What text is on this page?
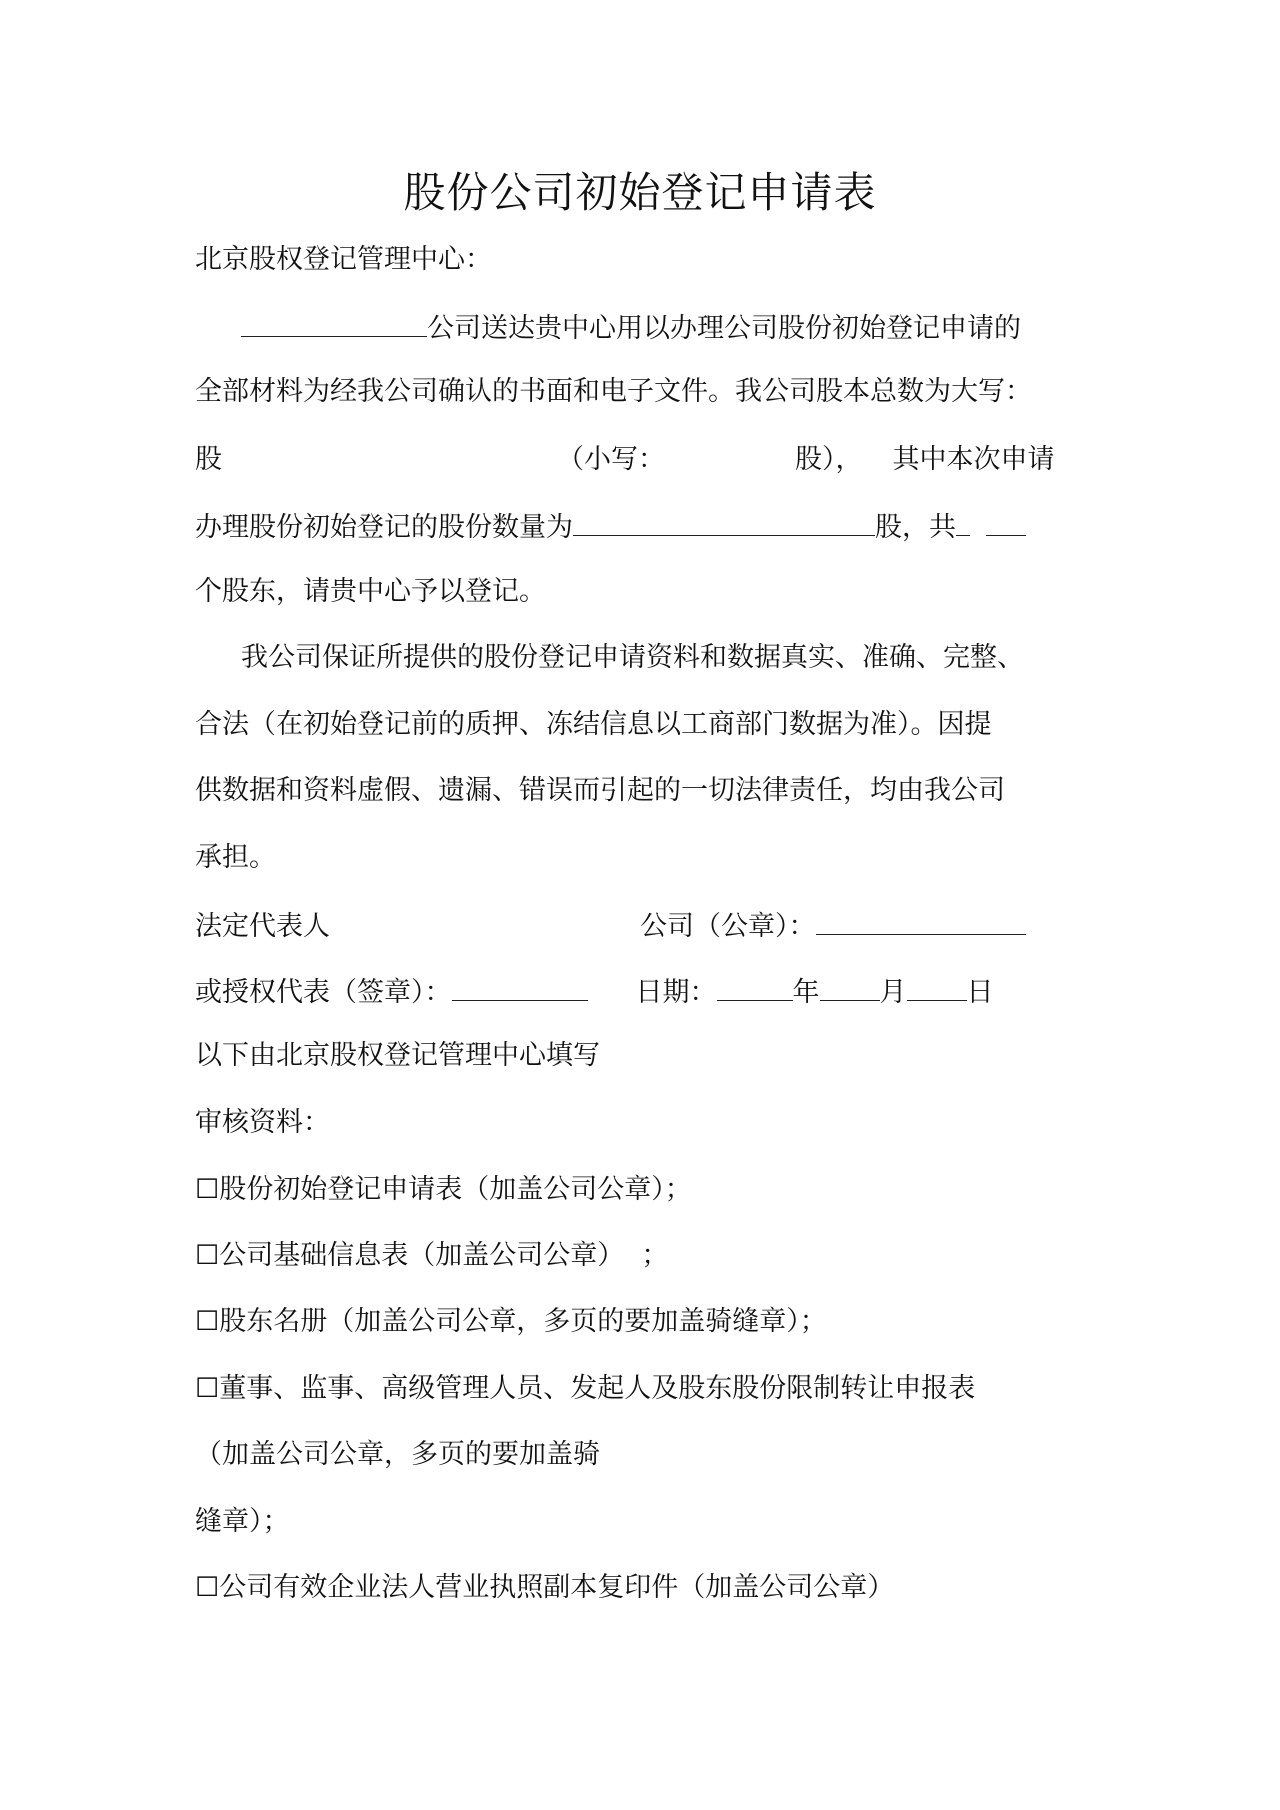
股份公司初始登记申请表
北京股权登记管理中心：
公司送达贵中心用以办理公司股份初始登记申请的
全部材料为经我公司确认的书面和电子文件。我公司股本总数为大写：
股	（小写：	股）， 其中本次申请
办理股份初始登记的股份数量为	股，共
个股东，请贵中心予以登记。
我公司保证所提供的股份登记申请资料和数据真实、准确、完整、
合法（在初始登记前的质押、冻结信息以工商部门数据为准）。因提
供数据和资料虚假、遗漏、错误而引起的一切法律责任，均由我公司
承担。
法定代表人	公司（公章）：
或授权代表（签章）：	日期：	年 月 日
以下由北京股权登记管理中心填写
审核资料：
☐股份初始登记申请表（加盖公司公章）；
☐公司基础信息表（加盖公司公章）  ；
☐股东名册（加盖公司公章，多页的要加盖骑缝章）；
☐董事、监事、高级管理人员、发起人及股东股份限制转让申报表
（加盖公司公章，多页的要加盖骑
缝章）；
☐公司有效企业法人营业执照副本复印件（加盖公司公章）
